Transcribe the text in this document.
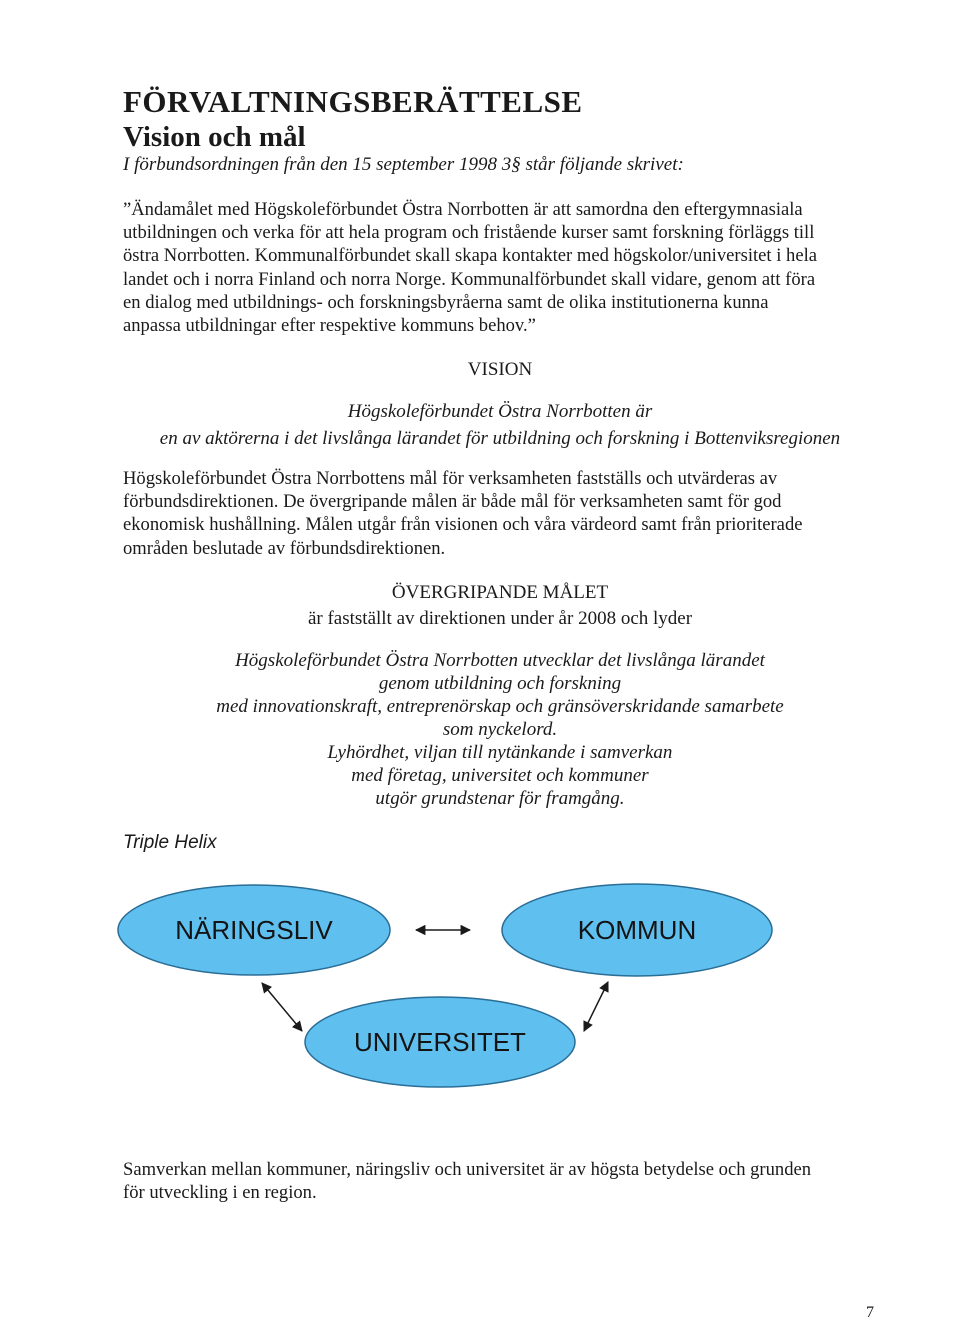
FÖRVALTNINGSBERÄTTELSE
Vision och mål
I förbundsordningen från den 15 september 1998 3§ står följande skrivet:
”Ändamålet med Högskoleförbundet Östra Norrbotten är att samordna den eftergymnasiala
utbildningen och verka för att hela program och fristående kurser samt forskning förläggs till
östra Norrbotten. Kommunalförbundet skall skapa kontakter med högskolor/universitet i hela
landet och i norra Finland och norra Norge. Kommunalförbundet skall vidare, genom att föra
en dialog med utbildnings- och forskningsbyråerna samt de olika institutionerna kunna
anpassa utbildningar efter respektive kommuns behov.”
VISION
Högskoleförbundet Östra Norrbotten är
en av aktörerna i det livslånga lärandet för utbildning och forskning i Bottenviksregionen
Högskoleförbundet Östra Norrbottens mål för verksamheten fastställs och utvärderas av
förbundsdirektionen. De övergripande målen är både mål för verksamheten samt för god
ekonomisk hushållning. Målen utgår från visionen och våra värdeord samt från prioriterade
områden beslutade av förbundsdirektionen.
ÖVERGRIPANDE MÅLET
är fastställt av direktionen under år 2008 och lyder
Högskoleförbundet Östra Norrbotten utvecklar det livslånga lärandet
genom utbildning och forskning
med innovationskraft, entreprenörskap och gränsöverskridande samarbete
som nyckelord.
Lyhördhet, viljan till nytänkande i samverkan
med företag, universitet och kommuner
utgör grundstenar för framgång.
Triple Helix
NÄRINGSLIV	KOMMUN
UNIVERSITET
Samverkan mellan kommuner, näringsliv och universitet är av högsta betydelse och grunden
för utveckling i en region.
7
